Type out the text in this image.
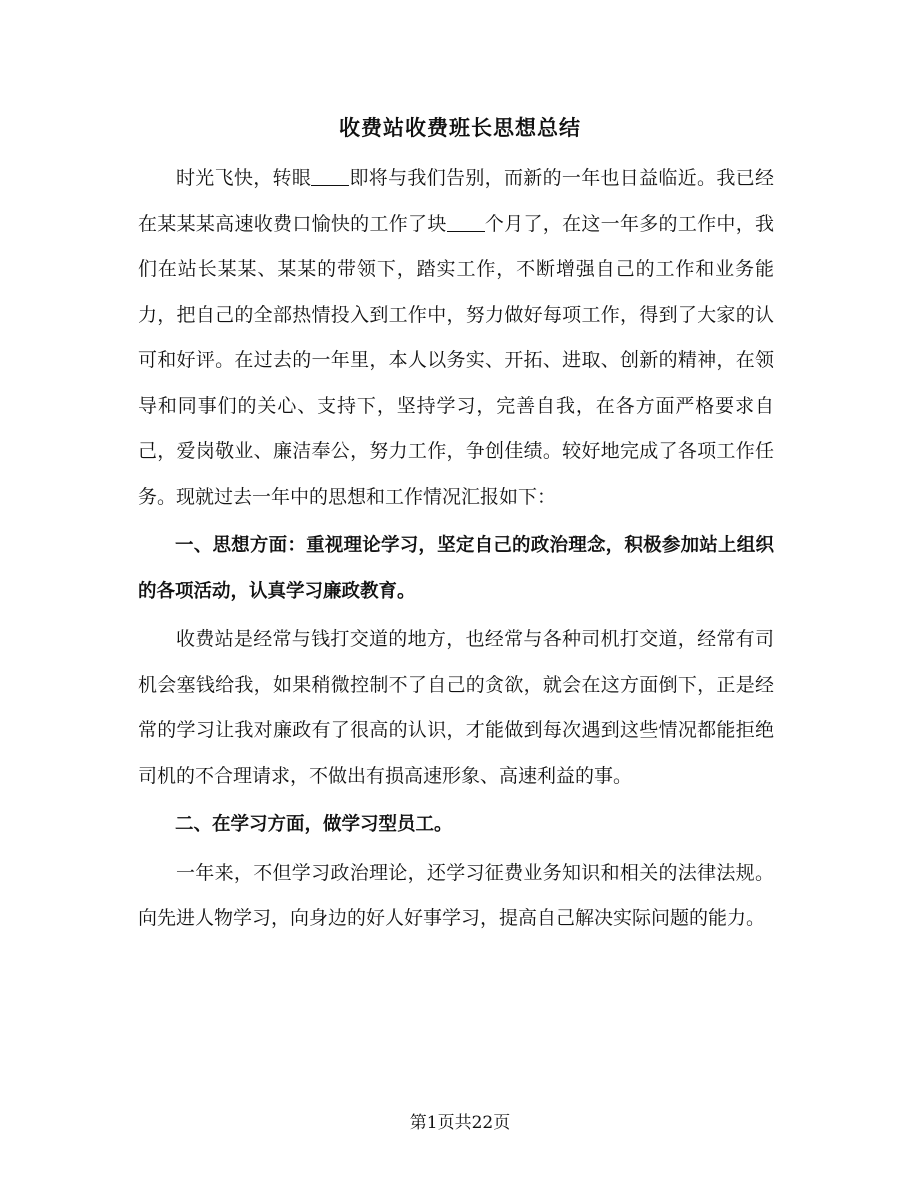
收费站收费班长思想总结

时光飞快，转眼 即将与我们告别，而新的一年也日益临近。我已经在某某某高速收费口愉快的工作了块 个月了，在这一年多的工作中，我们在站长某某、某某的带领下，踏实工作，不断增强自己的工作和业务能力，把自己的全部热情投入到工作中，努力做好每项工作，得到了大家的认可和好评。在过去的一年里，本人以务实、开拓、进取、创新的精神，在领导和同事们的关心、支持下，坚持学习，完善自我，在各方面严格要求自己，爱岗敬业、廉洁奉公，努力工作，争创佳绩。较好地完成了各项工作任务。现就过去一年中的思想和工作情况汇报如下：

一、思想方面：重视理论学习，坚定自己的政治理念，积极参加站上组织的各项活动，认真学习廉政教育。

收费站是经常与钱打交道的地方，也经常与各种司机打交道，经常有司机会塞钱给我，如果稍微控制不了自己的贪欲，就会在这方面倒下，正是经常的学习让我对廉政有了很高的认识，才能做到每次遇到这些情况都能拒绝司机的不合理请求，不做出有损高速形象、高速利益的事。

二、在学习方面，做学习型员工。

一年来，不但学习政治理论，还学习征费业务知识和相关的法律法规。向先进人物学习，向身边的好人好事学习，提高自己解决实际问题的能力。

第1页共22页
